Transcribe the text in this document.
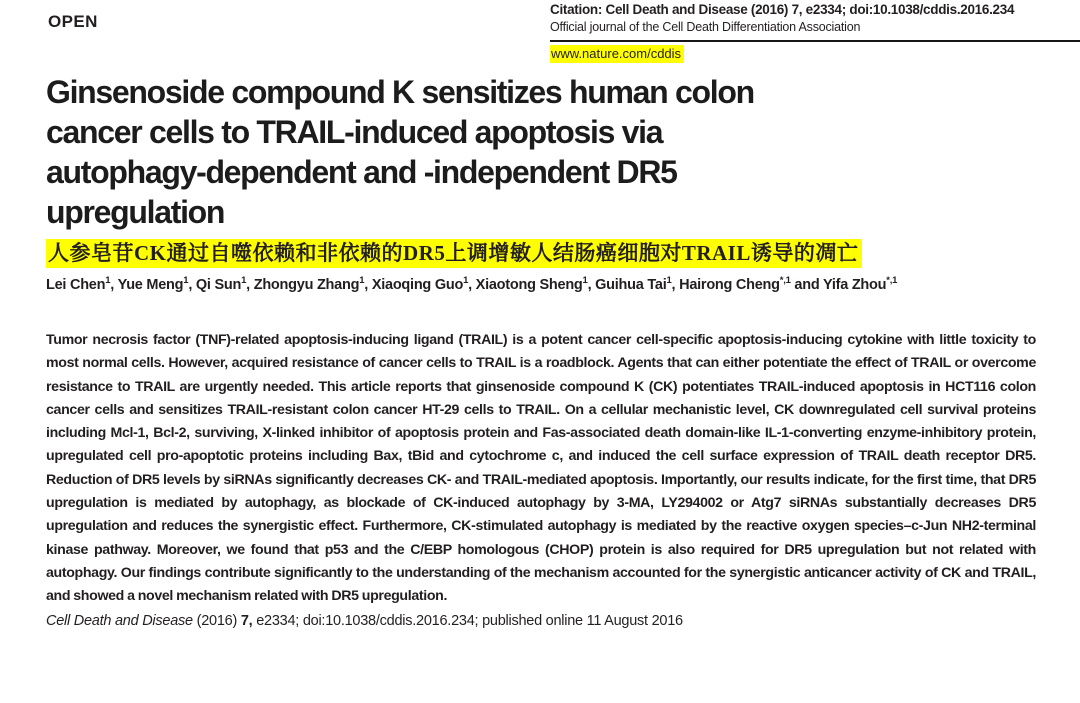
OPEN
Citation: Cell Death and Disease (2016) 7, e2334; doi:10.1038/cddis.2016.234
Official journal of the Cell Death Differentiation Association
www.nature.com/cddis
Ginsenoside compound K sensitizes human colon
cancer cells to TRAIL-induced apoptosis via
autophagy-dependent and -independent DR5
upregulation
人参皂苷CK通过自噬依赖和非依赖的DR5上调增敏人结肠癌细胞对TRAIL诱导的凋亡
Lei Chen$^1$, Yue Meng$^1$, Qi Sun$^1$, Zhongyu Zhang$^1$, Xiaoqing Guo$^1$, Xiaotong Sheng$^1$, Guihua Tai$^1$, Hairong Cheng$^{*,1}$ and Yifa Zhou$^{*,1}$

Tumor necrosis factor (TNF)-related apoptosis-inducing ligand (TRAIL) is a potent cancer cell-specific apoptosis-inducing cytokine with little toxicity to most normal cells. However, acquired resistance of cancer cells to TRAIL is a roadblock. Agents that can either potentiate the effect of TRAIL or overcome resistance to TRAIL are urgently needed. This article reports that ginsenoside compound K (CK) potentiates TRAIL-induced apoptosis in HCT116 colon cancer cells and sensitizes TRAIL-resistant colon cancer HT-29 cells to TRAIL. On a cellular mechanistic level, CK downregulated cell survival proteins including Mcl-1, Bcl-2, surviving, X-linked inhibitor of apoptosis protein and Fas-associated death domain-like IL-1-converting enzyme-inhibitory protein, upregulated cell pro-apoptotic proteins including Bax, tBid and cytochrome c, and induced the cell surface expression of TRAIL death receptor DR5. Reduction of DR5 levels by siRNAs significantly decreases CK- and TRAIL-mediated apoptosis. Importantly, our results indicate, for the first time, that DR5 upregulation is mediated by autophagy, as blockade of CK-induced autophagy by 3-MA, LY294002 or Atg7 siRNAs substantially decreases DR5 upregulation and reduces the synergistic effect. Furthermore, CK-stimulated autophagy is mediated by the reactive oxygen species–c-Jun NH2-terminal kinase pathway. Moreover, we found that p53 and the C/EBP homologous (CHOP) protein is also required for DR5 upregulation but not related with autophagy. Our findings contribute significantly to the understanding of the mechanism accounted for the synergistic anticancer activity of CK and TRAIL, and showed a novel mechanism related with DR5 upregulation.

Cell Death and Disease (2016) 7, e2334; doi:10.1038/cddis.2016.234; published online 11 August 2016
